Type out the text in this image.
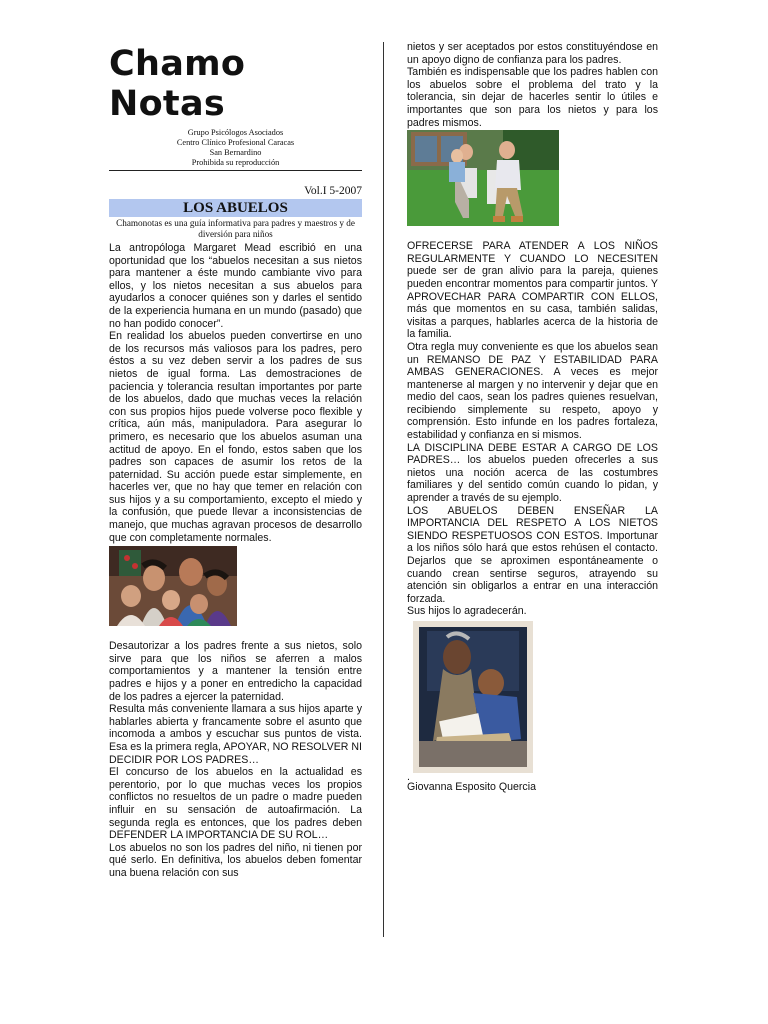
Chamo
Notas
Grupo Psicólogos Asociados
Centro Clínico Profesional Caracas
San Bernardino
Prohibida su reproducción
Vol.I 5-2007
LOS ABUELOS
Chamonotas es una guía informativa para padres y maestros y de diversión para niños

La antropóloga Margaret Mead escribió en una oportunidad que los “abuelos necesitan a sus nietos para mantener a éste mundo cambiante vivo para ellos, y los nietos necesitan a sus abuelos para ayudarlos a conocer quiénes son y darles el sentido de la experiencia humana en un mundo (pasado) que no han podido conocer”.

En realidad los abuelos pueden convertirse en uno de los recursos más valiosos para los padres, pero éstos a su vez deben servir a los padres de sus nietos de igual forma. Las demostraciones de paciencia y tolerancia resultan importantes por parte de los abuelos, dado que muchas veces la relación con sus propios hijos puede volverse poco flexible y crítica, aún más, manipuladora. Para asegurar lo primero, es necesario que los abuelos asuman una actitud de apoyo. En el fondo, estos saben que los padres son capaces de asumir los retos de la paternidad. Su acción puede estar simplemente, en hacerles ver, que no hay que temer en relación con sus hijos y a su comportamiento, excepto el miedo y la confusión, que puede llevar a inconsistencias de manejo, que muchas agravan procesos de desarrollo que con completamente normales.

Desautorizar a los padres frente a sus nietos, solo sirve para que los niños se aferren a malos comportamientos y a mantener la tensión entre padres e hijos y a poner en entredicho la capacidad de los padres a ejercer la paternidad.

Resulta más conveniente llamara a sus hijos aparte y hablarles abierta y francamente sobre el asunto que incomoda a ambos y escuchar sus puntos de vista. Esa es la primera regla, APOYAR, NO RESOLVER NI DECIDIR POR LOS PADRES…

El concurso de los abuelos en la actualidad es perentorio, por lo que muchas veces los propios conflictos no resueltos de un padre o madre pueden influir en su sensación de autoafirmación. La segunda regla es entonces, que los padres deben DEFENDER LA IMPORTANCIA DE SU ROL…

Los abuelos no son los padres del niño, ni tienen por qué serlo. En definitiva, los abuelos deben fomentar una buena relación con sus

nietos y ser aceptados por estos constituyéndose en un apoyo digno de confianza para los padres.

También es indispensable que los padres hablen con los abuelos sobre el problema del trato y la tolerancia, sin dejar de hacerles sentir lo útiles e importantes que son para los nietos y para los padres mismos.

OFRECERSE PARA ATENDER A LOS NIÑOS REGULARMENTE Y CUANDO LO NECESITEN puede ser de gran alivio para la pareja, quienes pueden encontrar momentos para compartir juntos. Y APROVECHAR PARA COMPARTIR CON ELLOS, más que momentos en su casa, también salidas, visitas a parques, hablarles acerca de la historia de la familia.

Otra regla muy conveniente es que los abuelos sean un REMANSO DE PAZ Y ESTABILIDAD PARA AMBAS GENERACIONES. A veces es mejor mantenerse al margen y no intervenir y dejar que en medio del caos, sean los padres quienes resuelvan, recibiendo simplemente su respeto, apoyo y comprensión. Esto infunde en los padres fortaleza, estabilidad y confianza en si mismos.

LA DISCIPLINA DEBE ESTAR A CARGO DE LOS PADRES… los abuelos pueden ofrecerles a sus nietos una noción acerca de las costumbres familiares y del sentido común cuando lo pidan, y aprender a través de su ejemplo.

LOS ABUELOS DEBEN ENSEÑAR LA IMPORTANCIA DEL RESPETO A LOS NIETOS SIENDO RESPETUOSOS CON ESTOS. Importunar a los niños sólo hará que estos rehúsen el contacto. Dejarlos que se aproximen espontáneamente o cuando crean sentirse seguros, atrayendo su atención sin obligarlos a entrar en una interacción forzada.

Sus hijos lo agradecerán.

.

Giovanna Esposito Quercia
